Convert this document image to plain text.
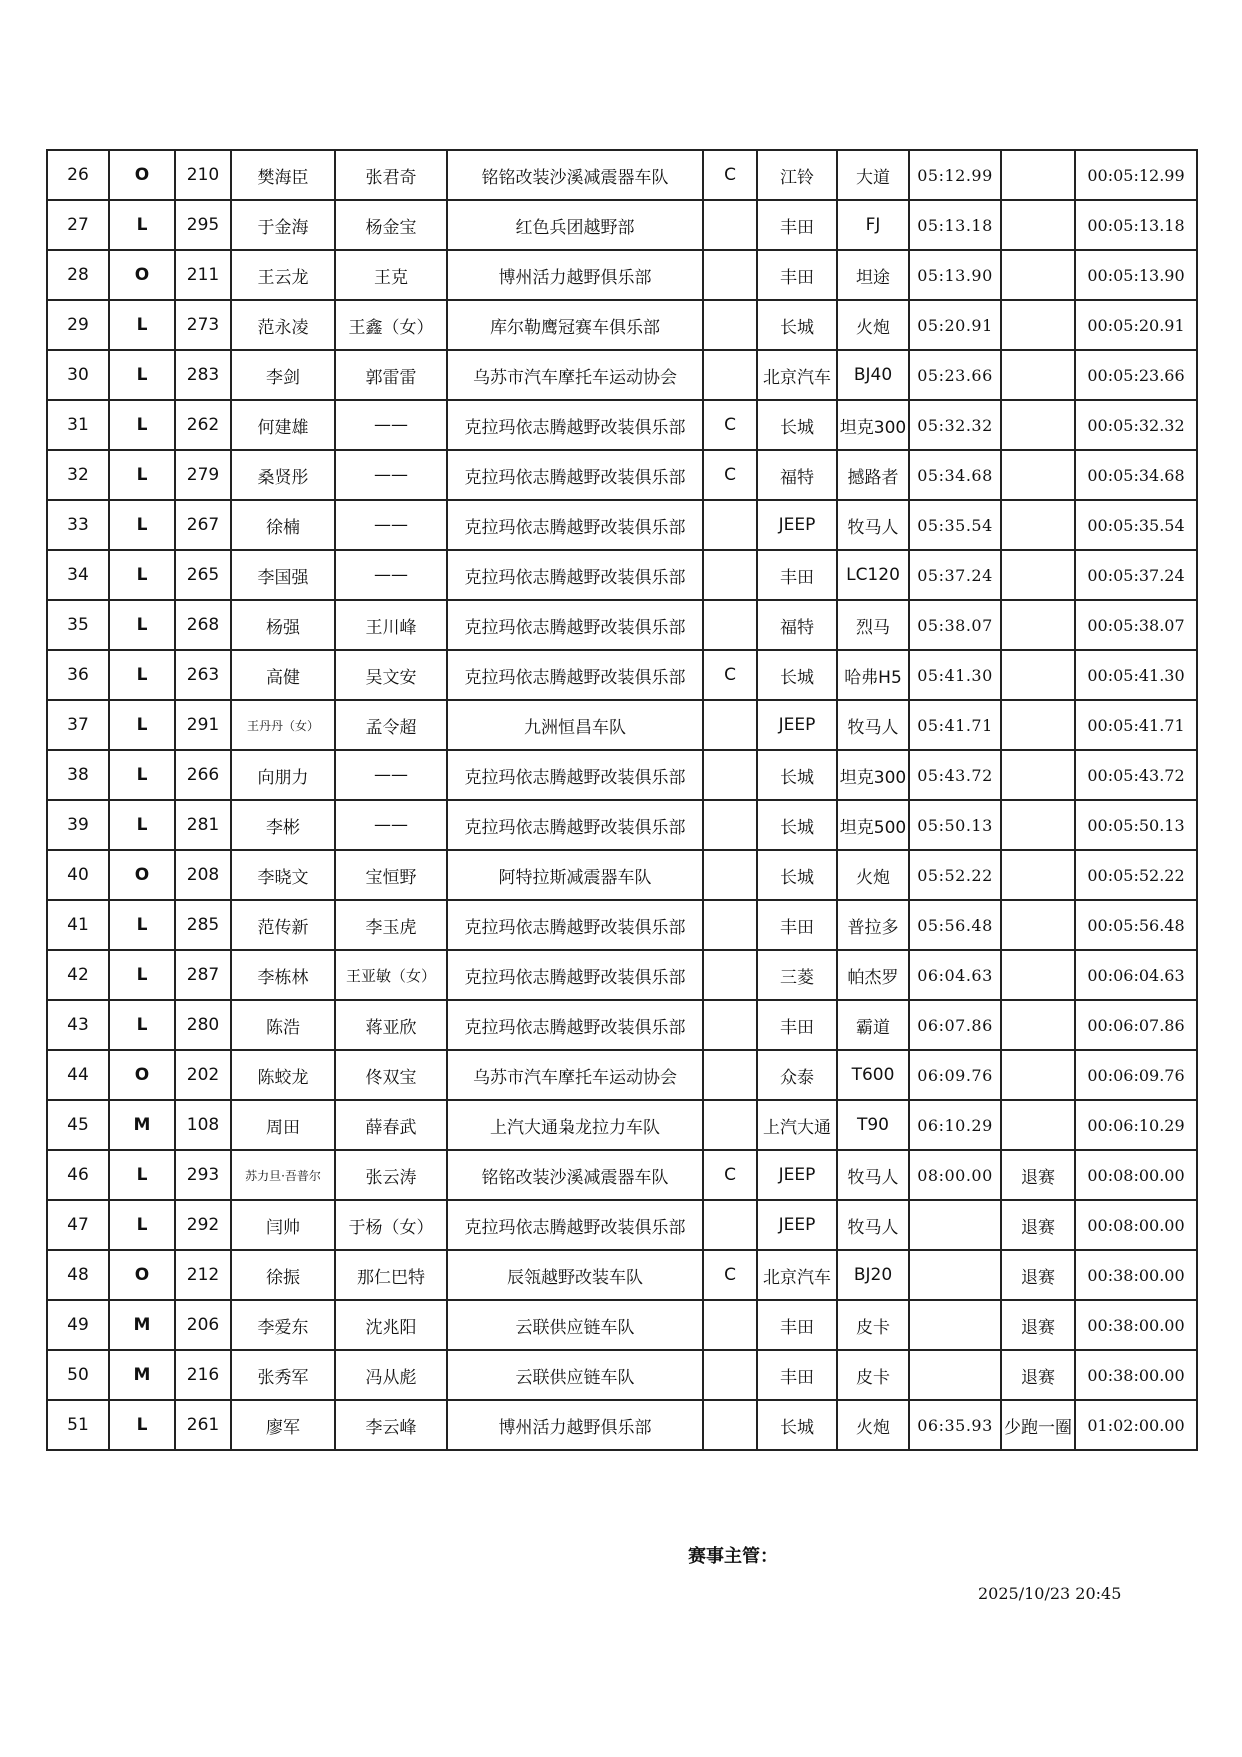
26	O	210	樊海臣	张君奇	铭铭改装沙溪减震器车队	C	江铃	大道	05:12.99		00:05:12.99
27	L	295	于金海	杨金宝	红色兵团越野部		丰田	FJ	05:13.18		00:05:13.18
28	O	211	王云龙	王克	博州活力越野俱乐部		丰田	坦途	05:13.90		00:05:13.90
29	L	273	范永凌	王鑫（女）	库尔勒鹰冠赛车俱乐部		长城	火炮	05:20.91		00:05:20.91
30	L	283	李剑	郭雷雷	乌苏市汽车摩托车运动协会		北京汽车	BJ40	05:23.66		00:05:23.66
31	L	262	何建雄	——	克拉玛依志腾越野改装俱乐部	C	长城	坦克300	05:32.32		00:05:32.32
32	L	279	桑贤彤	——	克拉玛依志腾越野改装俱乐部	C	福特	撼路者	05:34.68		00:05:34.68
33	L	267	徐楠	——	克拉玛依志腾越野改装俱乐部		JEEP	牧马人	05:35.54		00:05:35.54
34	L	265	李国强	——	克拉玛依志腾越野改装俱乐部		丰田	LC120	05:37.24		00:05:37.24
35	L	268	杨强	王川峰	克拉玛依志腾越野改装俱乐部		福特	烈马	05:38.07		00:05:38.07
36	L	263	高健	吴文安	克拉玛依志腾越野改装俱乐部	C	长城	哈弗H5	05:41.30		00:05:41.30
37	L	291	王丹丹（女）	孟令超	九洲恒昌车队		JEEP	牧马人	05:41.71		00:05:41.71
38	L	266	向朋力	——	克拉玛依志腾越野改装俱乐部		长城	坦克300	05:43.72		00:05:43.72
39	L	281	李彬	——	克拉玛依志腾越野改装俱乐部		长城	坦克500	05:50.13		00:05:50.13
40	O	208	李晓文	宝恒野	阿特拉斯减震器车队		长城	火炮	05:52.22		00:05:52.22
41	L	285	范传新	李玉虎	克拉玛依志腾越野改装俱乐部		丰田	普拉多	05:56.48		00:05:56.48
42	L	287	李栋林	王亚敏（女）	克拉玛依志腾越野改装俱乐部		三菱	帕杰罗	06:04.63		00:06:04.63
43	L	280	陈浩	蒋亚欣	克拉玛依志腾越野改装俱乐部		丰田	霸道	06:07.86		00:06:07.86
44	O	202	陈蛟龙	佟双宝	乌苏市汽车摩托车运动协会		众泰	T600	06:09.76		00:06:09.76
45	M	108	周田	薛春武	上汽大通枭龙拉力车队		上汽大通	T90	06:10.29		00:06:10.29
46	L	293	苏力旦·吾普尔	张云涛	铭铭改装沙溪减震器车队	C	JEEP	牧马人	08:00.00	退赛	00:08:00.00
47	L	292	闫帅	于杨（女）	克拉玛依志腾越野改装俱乐部		JEEP	牧马人		退赛	00:08:00.00
48	O	212	徐振	那仁巴特	辰瓴越野改装车队	C	北京汽车	BJ20		退赛	00:38:00.00
49	M	206	李爱东	沈兆阳	云联供应链车队		丰田	皮卡		退赛	00:38:00.00
50	M	216	张秀军	冯从彪	云联供应链车队		丰田	皮卡		退赛	00:38:00.00
51	L	261	廖军	李云峰	博州活力越野俱乐部		长城	火炮	06:35.93	少跑一圈	01:02:00.00
赛事主管：
2025/10/23 20:45
